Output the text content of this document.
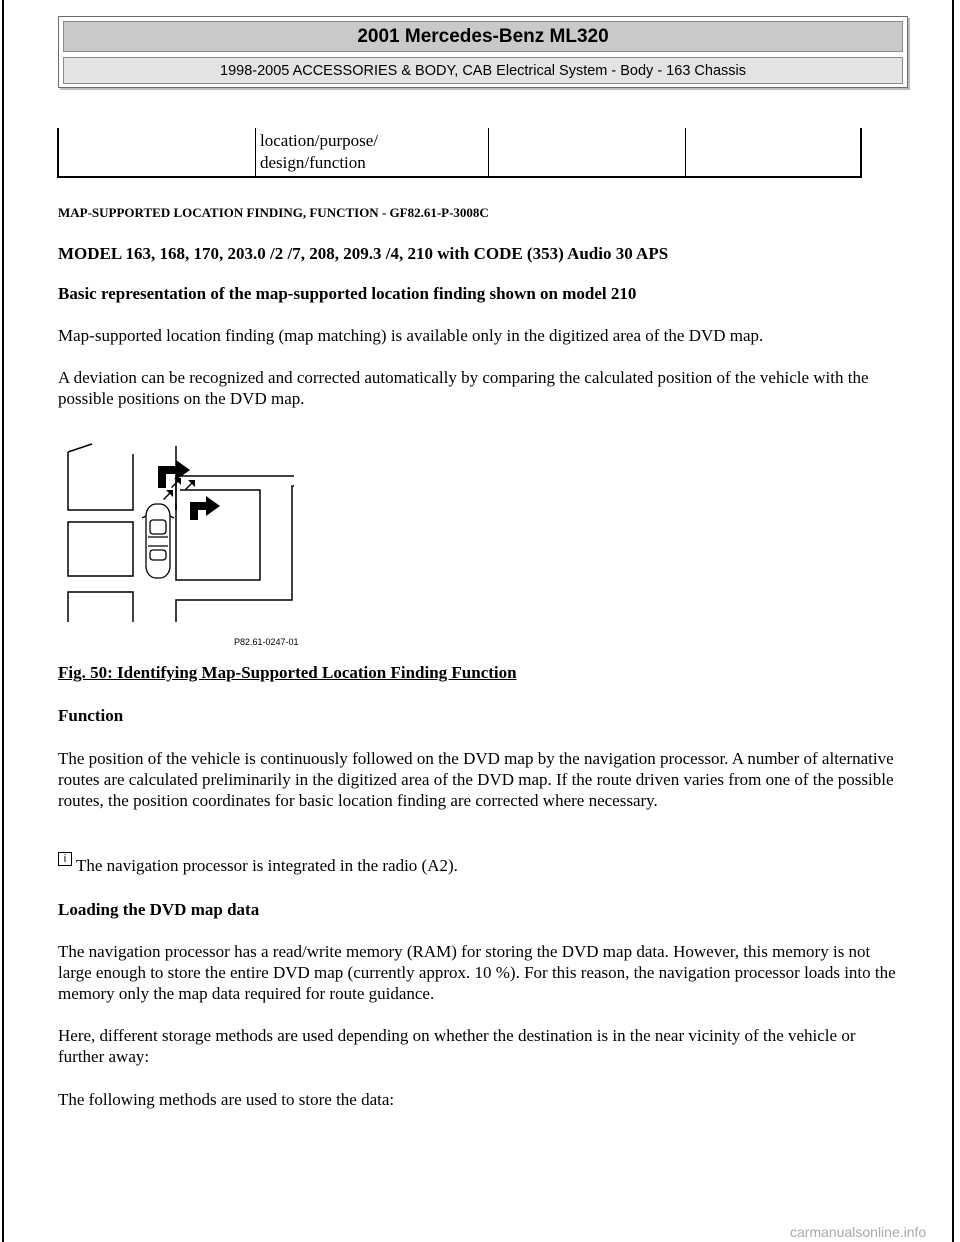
2001 Mercedes-Benz ML320
1998-2005 ACCESSORIES & BODY, CAB Electrical System - Body - 163 Chassis
	location/purpose/
design/function		
MAP-SUPPORTED LOCATION FINDING, FUNCTION - GF82.61-P-3008C
MODEL 163, 168, 170, 203.0 /2 /7, 208, 209.3 /4, 210 with CODE (353) Audio 30 APS
Basic representation of the map-supported location finding shown on model 210
Map-supported location finding (map matching) is available only in the digitized area of the DVD map.
A deviation can be recognized and corrected automatically by comparing the calculated position of the vehicle with the possible positions on the DVD map.
P82.61-0247-01
Fig. 50: Identifying Map-Supported Location Finding Function
Function
The position of the vehicle is continuously followed on the DVD map by the navigation processor. A number of alternative routes are calculated preliminarily in the digitized area of the DVD map. If the route driven varies from one of the possible routes, the position coordinates for basic location finding are corrected where necessary.
i The navigation processor is integrated in the radio (A2).
Loading the DVD map data
The navigation processor has a read/write memory (RAM) for storing the DVD map data. However, this memory is not large enough to store the entire DVD map (currently approx. 10 %). For this reason, the navigation processor loads into the memory only the map data required for route guidance.
Here, different storage methods are used depending on whether the destination is in the near vicinity of the vehicle or further away:
The following methods are used to store the data:
carmanualsonline.info
